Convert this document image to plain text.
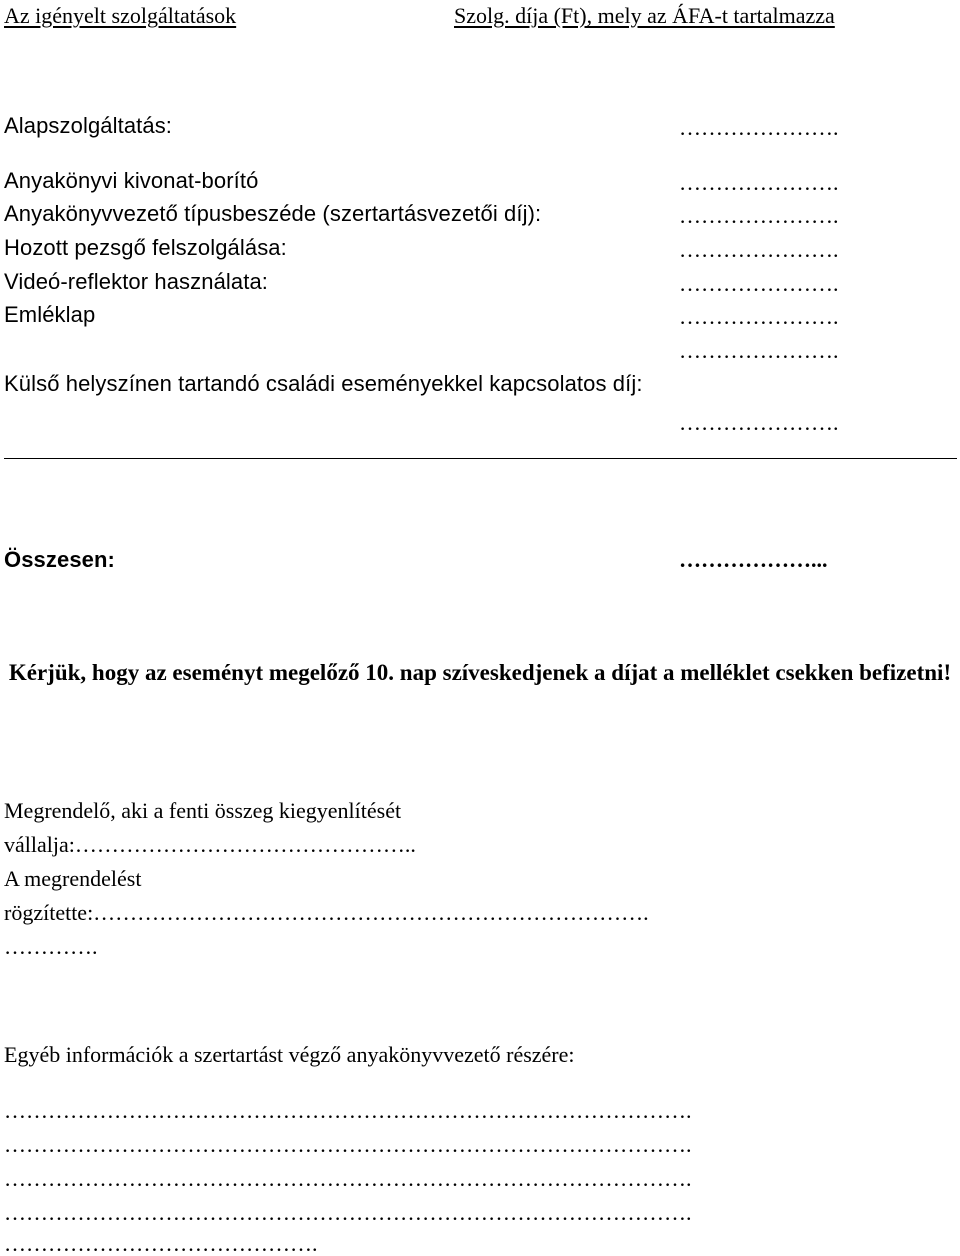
Az igényelt szolgáltatások	Szolg. díja (Ft), mely az ÁFA-t tartalmazza

Alapszolgáltatás:	………………….

Anyakönyvi kivonat-borító	………………….

Anyakönyvvezető típusbeszéde (szertartásvezetői díj):	………………….

Hozott pezsgő felszolgálása:	………………….

Videó-reflektor használata:	………………….

Emléklap	………………….

………………….

Külső helyszínen tartandó családi eseményekkel kapcsolatos díj:

………………….

Összesen:	………………...

Kérjük, hogy az eseményt megelőző 10. nap szíveskedjenek a díjat a melléklet csekken befizetni!

Megrendelő, aki a fenti összeg kiegyenlítését

vállalja:………………………………………..

A megrendelést

rögzítette:………………………………………………………………….

………….

Egyéb információk a szertartást végző anyakönyvvezető részére:

………………………………………………………………………………….

………………………………………………………………………………….

………………………………………………………………………………….

………………………………………………………………………………….

…………………………………….
